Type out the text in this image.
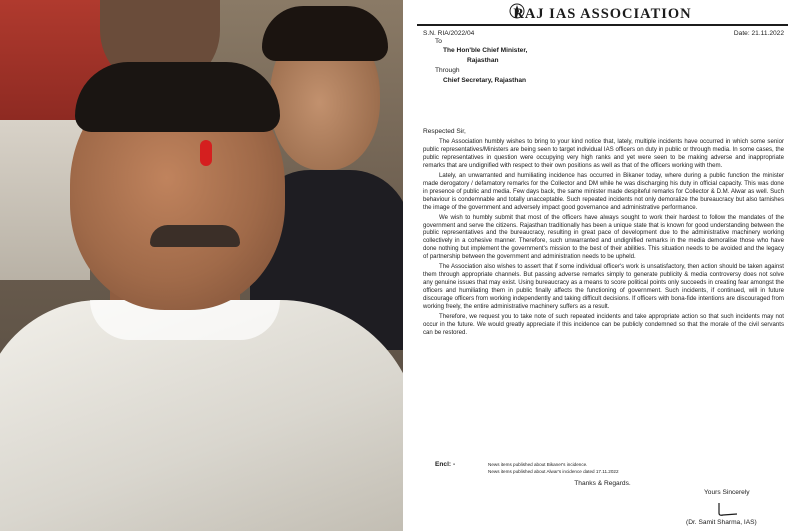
RAJ IAS ASSOCIATION
S.N. RIA/2022/04	Date: 21.11.2022
To
The Hon'ble Chief Minister,
Rajasthan
Through
Chief Secretary, Rajasthan
Respected Sir,

The Association humbly wishes to bring to your kind notice that, lately, multiple incidents have occurred in which some senior public representatives/Ministers are being seen to target individual IAS officers on duty in public or through media. In some cases, the public representatives in question were occupying very high ranks and yet were seen to be making adverse and inappropriate remarks that are undignified with respect to their own positions as well as that of the officers working with them.

Lately, an unwarranted and humiliating incidence has occurred in Bikaner today, where during a public function the minister made derogatory / defamatory remarks for the Collector and DM while he was discharging his duty in official capacity. This was done in presence of public and media. Few days back, the same minister made despiteful remarks for Collector & D.M. Alwar as well. Such behaviour is condemnable and totally unacceptable. Such repeated incidents not only demoralize the bureaucracy but also tarnishes the image of the government and adversely impact good governance and administrative performance.

We wish to humbly submit that most of the officers have always sought to work their hardest to follow the mandates of the government and serve the citizens. Rajasthan traditionally has been a unique state that is known for good understanding between the public representatives and the bureaucracy, resulting in great pace of development due to the administrative machinery working collectively in a cohesive manner. Therefore, such unwarranted and undignified remarks in the media demoralise those who have done nothing but implement the government's mission to the best of their abilities. This situation needs to be avoided and the legacy of partnership between the government and administration needs to be upheld.

The Association also wishes to assert that if some individual officer's work is unsatisfactory, then action should be taken against them through appropriate channels. But passing adverse remarks simply to generate publicity & media controversy does not solve any genuine issues that may exist. Using bureaucracy as a means to score political points only succeeds in creating fear amongst the officers and humiliating them in public finally affects the functioning of government. Such incidents, if continued, will in future discourage officers from working independently and taking difficult decisions. If officers with bona-fide intentions are discouraged from working freely, the entire administrative machinery suffers as a result.

Therefore, we request you to take note of such repeated incidents and take appropriate action so that such incidents may not occur in the future. We would greatly appreciate if this incidence can be publicly condemned so that the morale of the civil servants can be restored.

Encl: -	News items published about Bikaner's incidence.
News items published about Alwar's incidence dated 17.11.2022
Thanks & Regards.
Yours Sincerely
(Dr. Samit Sharma, IAS)
